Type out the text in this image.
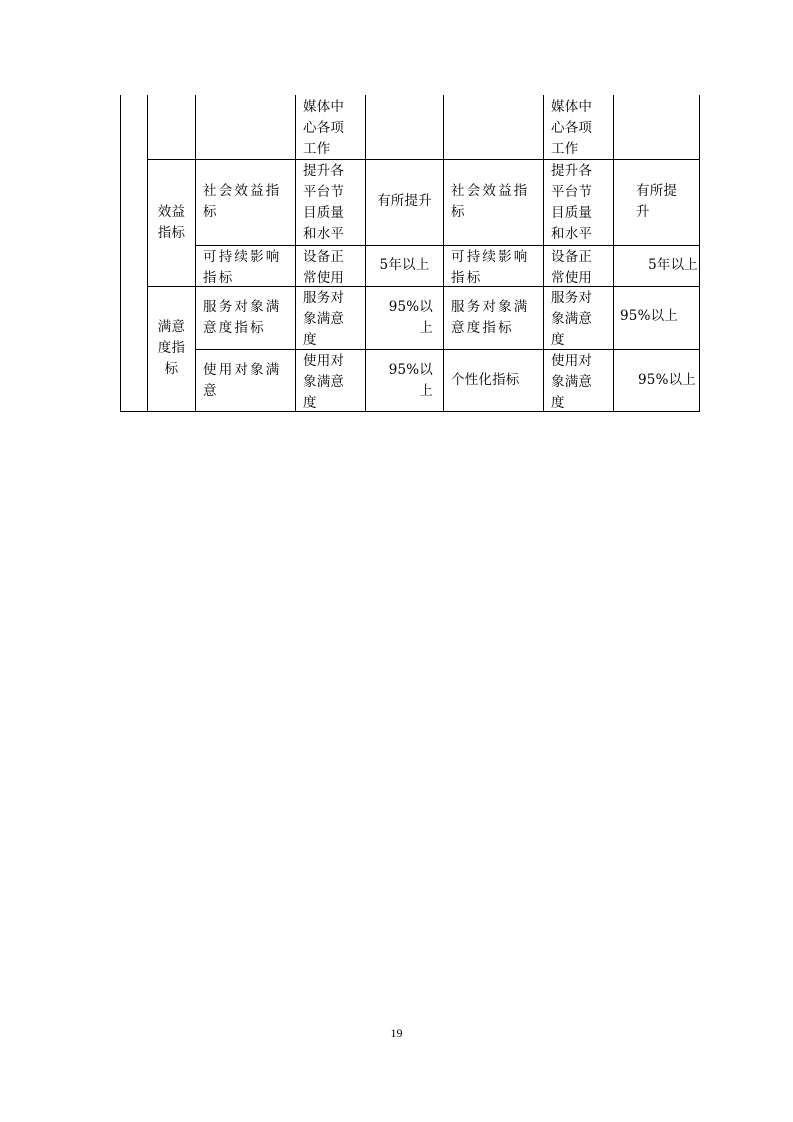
媒体中
心各项
工作
媒体中
心各项
工作
效益
指标
社会效益指
标
提升各
平台节
目质量
和水平
有所提升
社会效益指
标
提升各
平台节
目质量
和水平
有所提
升
可持续影响
指标
设备正
常使用
5年以上	可持续影响
指标
设备正
常使用
5年以上
满意
度指
标
服务对象满
意度指标
服务对
象满意
度
95%以
上
服务对象满
意度指标
服务对
象满意
度
95%以上
使用对象满
意
使用对
象满意
度
95%以
上
个性化指标
使用对
象满意
度
95%以上
19
